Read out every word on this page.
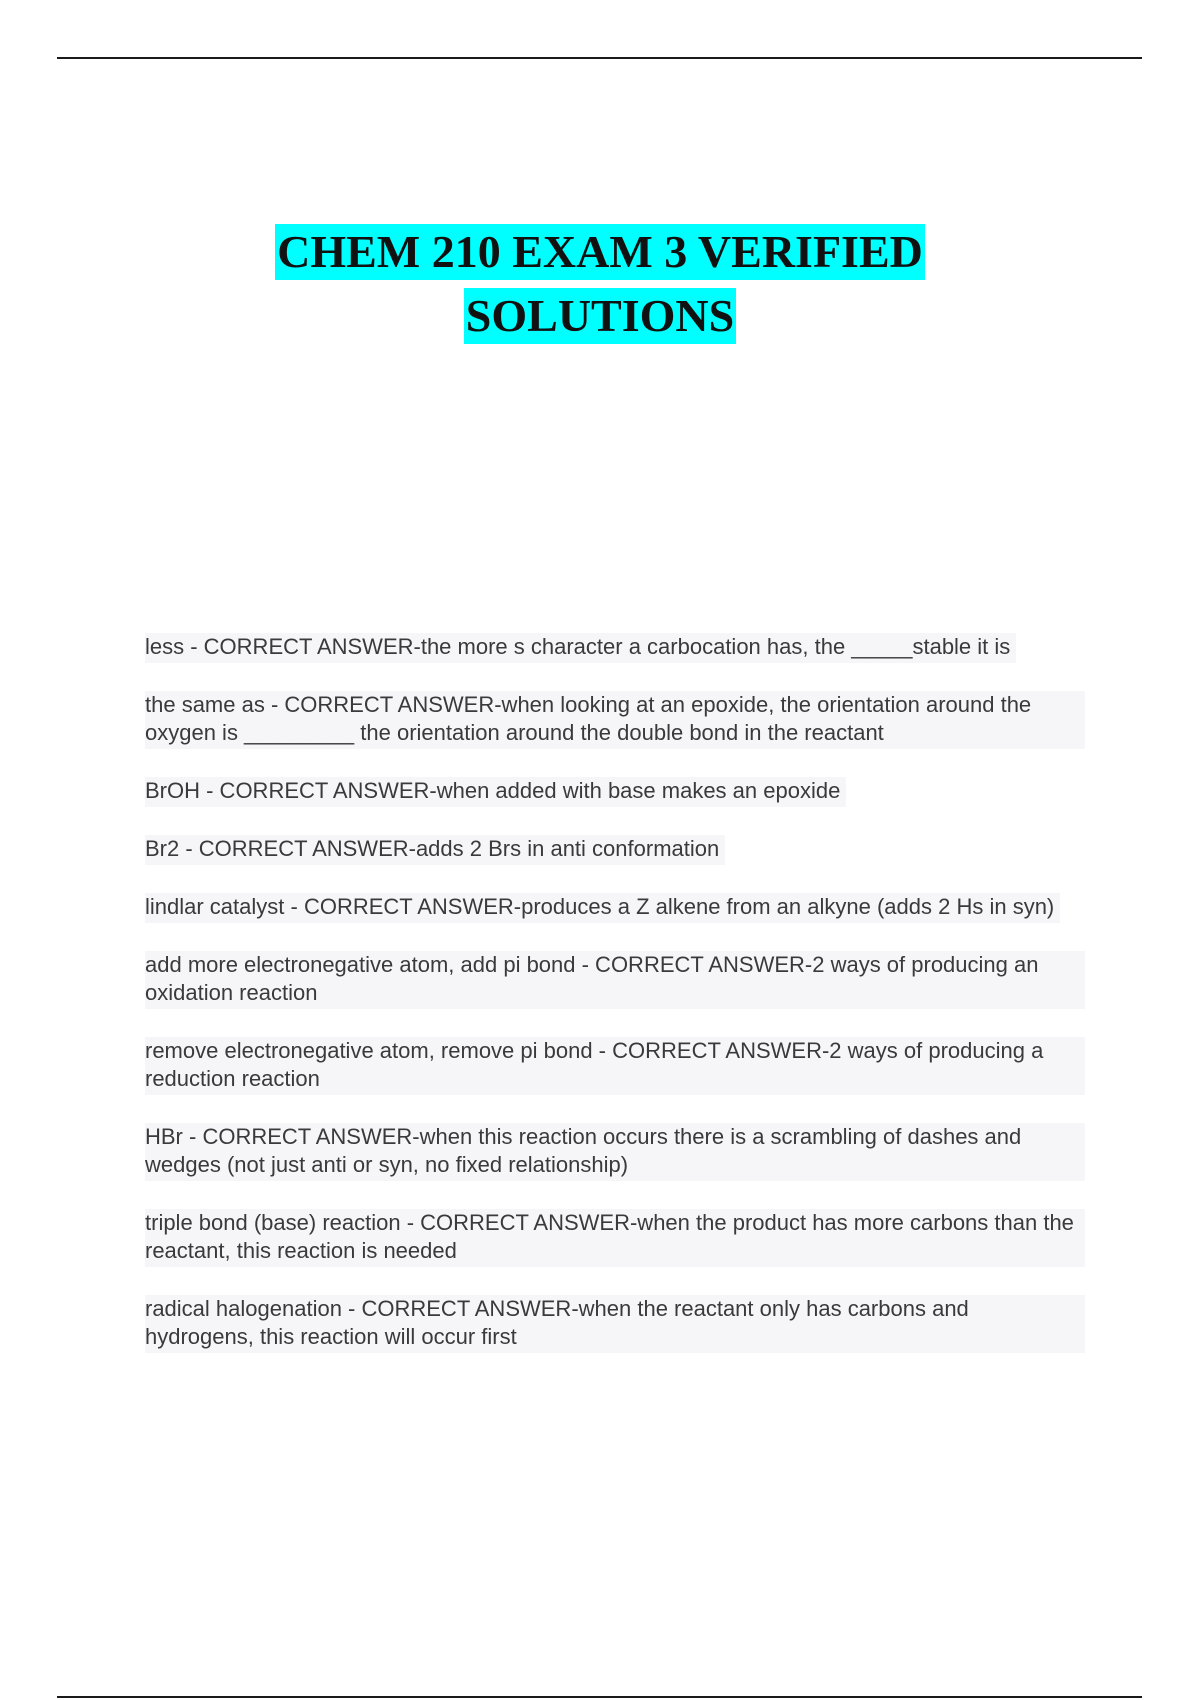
CHEM 210 EXAM 3 VERIFIED
SOLUTIONS
less - CORRECT ANSWER-the more s character a carbocation has, the _____stable it is
the same as - CORRECT ANSWER-when looking at an epoxide, the orientation around the oxygen is _________ the orientation around the double bond in the reactant
BrOH - CORRECT ANSWER-when added with base makes an epoxide
Br2 - CORRECT ANSWER-adds 2 Brs in anti conformation
lindlar catalyst - CORRECT ANSWER-produces a Z alkene from an alkyne (adds 2 Hs in syn)
add more electronegative atom, add pi bond - CORRECT ANSWER-2 ways of producing an oxidation reaction
remove electronegative atom, remove pi bond - CORRECT ANSWER-2 ways of producing a reduction reaction
HBr - CORRECT ANSWER-when this reaction occurs there is a scrambling of dashes and wedges (not just anti or syn, no fixed relationship)
triple bond (base) reaction - CORRECT ANSWER-when the product has more carbons than the reactant, this reaction is needed
radical halogenation - CORRECT ANSWER-when the reactant only has carbons and hydrogens, this reaction will occur first
